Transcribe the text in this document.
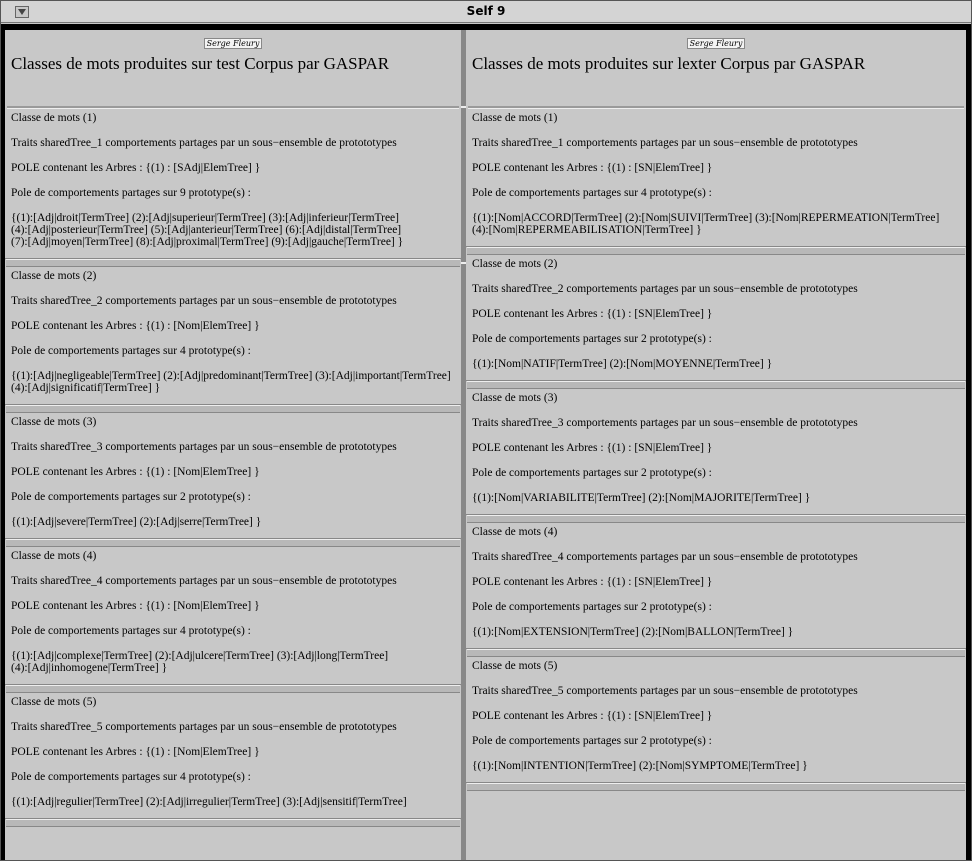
Self 9
Serge Fleury
Classes de mots produites sur test Corpus par GASPAR

Classe de mots (1)

Traits sharedTree_1 comportements partages par un sous−ensemble de protototypes

POLE contenant les Arbres : {(1) : [SAdj|ElemTree] }

Pole de comportements partages sur 9 prototype(s) :

{(1):[Adj|droit|TermTree] (2):[Adj|superieur|TermTree] (3):[Adj|inferieur|TermTree]
(4):[Adj|posterieur|TermTree] (5):[Adj|anterieur|TermTree] (6):[Adj|distal|TermTree]
(7):[Adj|moyen|TermTree] (8):[Adj|proximal|TermTree] (9):[Adj|gauche|TermTree] }

Classe de mots (2)

Traits sharedTree_2 comportements partages par un sous−ensemble de protototypes

POLE contenant les Arbres : {(1) : [Nom|ElemTree] }

Pole de comportements partages sur 4 prototype(s) :

{(1):[Adj|negligeable|TermTree] (2):[Adj|predominant|TermTree] (3):[Adj|important|TermTree]
(4):[Adj|significatif|TermTree] }

Classe de mots (3)

Traits sharedTree_3 comportements partages par un sous−ensemble de protototypes

POLE contenant les Arbres : {(1) : [Nom|ElemTree] }

Pole de comportements partages sur 2 prototype(s) :

{(1):[Adj|severe|TermTree] (2):[Adj|serre|TermTree] }

Classe de mots (4)

Traits sharedTree_4 comportements partages par un sous−ensemble de protototypes

POLE contenant les Arbres : {(1) : [Nom|ElemTree] }

Pole de comportements partages sur 4 prototype(s) :

{(1):[Adj|complexe|TermTree] (2):[Adj|ulcere|TermTree] (3):[Adj|long|TermTree]
(4):[Adj|inhomogene|TermTree] }

Classe de mots (5)

Traits sharedTree_5 comportements partages par un sous−ensemble de protototypes

POLE contenant les Arbres : {(1) : [Nom|ElemTree] }

Pole de comportements partages sur 4 prototype(s) :

{(1):[Adj|regulier|TermTree] (2):[Adj|irregulier|TermTree] (3):[Adj|sensitif|TermTree]

Serge Fleury
Classes de mots produites sur lexter Corpus par GASPAR

Classe de mots (1)

Traits sharedTree_1 comportements partages par un sous−ensemble de protototypes

POLE contenant les Arbres : {(1) : [SN|ElemTree] }

Pole de comportements partages sur 4 prototype(s) :

{(1):[Nom|ACCORD|TermTree] (2):[Nom|SUIVI|TermTree] (3):[Nom|REPERMEATION|TermTree]
(4):[Nom|REPERMEABILISATION|TermTree] }

Classe de mots (2)

Traits sharedTree_2 comportements partages par un sous−ensemble de protototypes

POLE contenant les Arbres : {(1) : [SN|ElemTree] }

Pole de comportements partages sur 2 prototype(s) :

{(1):[Nom|NATIF|TermTree] (2):[Nom|MOYENNE|TermTree] }

Classe de mots (3)

Traits sharedTree_3 comportements partages par un sous−ensemble de protototypes

POLE contenant les Arbres : {(1) : [SN|ElemTree] }

Pole de comportements partages sur 2 prototype(s) :

{(1):[Nom|VARIABILITE|TermTree] (2):[Nom|MAJORITE|TermTree] }

Classe de mots (4)

Traits sharedTree_4 comportements partages par un sous−ensemble de protototypes

POLE contenant les Arbres : {(1) : [SN|ElemTree] }

Pole de comportements partages sur 2 prototype(s) :

{(1):[Nom|EXTENSION|TermTree] (2):[Nom|BALLON|TermTree] }

Classe de mots (5)

Traits sharedTree_5 comportements partages par un sous−ensemble de protototypes

POLE contenant les Arbres : {(1) : [SN|ElemTree] }

Pole de comportements partages sur 2 prototype(s) :

{(1):[Nom|INTENTION|TermTree] (2):[Nom|SYMPTOME|TermTree] }
